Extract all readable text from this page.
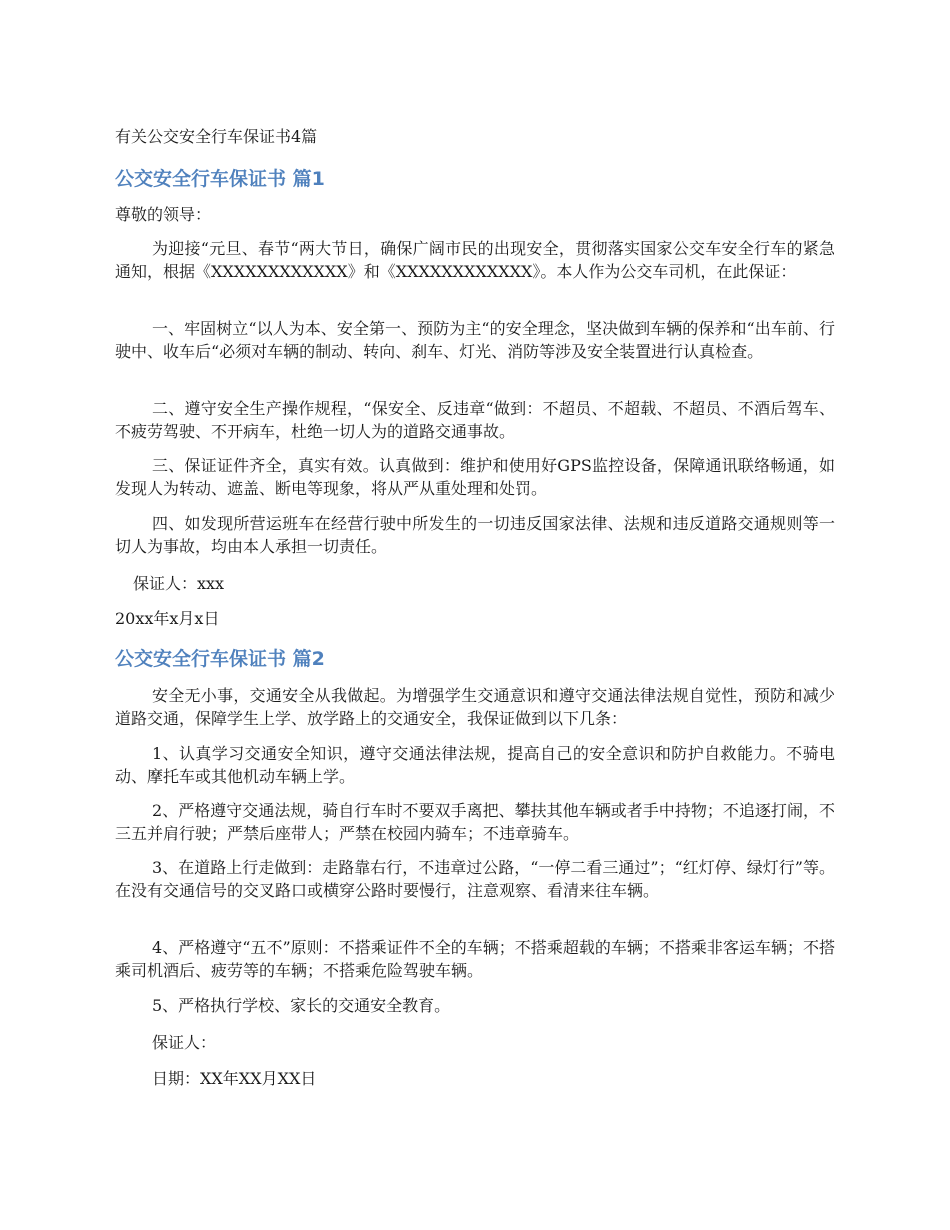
有关公交安全行车保证书4篇
公交安全行车保证书 篇1

尊敬的领导：

为迎接“元旦、春节“两大节日，确保广阔市民的出现安全，贯彻落实国家公交车安全行车的紧急通知，根据《XXXXXXXXXXXX》和《XXXXXXXXXXXX》。本人作为公交车司机，在此保证：

一、牢固树立“以人为本、安全第一、预防为主“的安全理念，坚决做到车辆的保养和“出车前、行驶中、收车后“必须对车辆的制动、转向、刹车、灯光、消防等涉及安全装置进行认真检查。

二、遵守安全生产操作规程，“保安全、反违章“做到：不超员、不超载、不超员、不酒后驾车、不疲劳驾驶、不开病车，杜绝一切人为的道路交通事故。

三、保证证件齐全，真实有效。认真做到：维护和使用好GPS监控设备，保障通讯联络畅通，如发现人为转动、遮盖、断电等现象，将从严从重处理和处罚。

四、如发现所营运班车在经营行驶中所发生的一切违反国家法律、法规和违反道路交通规则等一切人为事故，均由本人承担一切责任。

保证人：xxx

20xx年x月x日

公交安全行车保证书 篇2

安全无小事，交通安全从我做起。为增强学生交通意识和遵守交通法律法规自觉性，预防和减少道路交通，保障学生上学、放学路上的交通安全，我保证做到以下几条：

1、认真学习交通安全知识，遵守交通法律法规，提高自己的安全意识和防护自救能力。不骑电动、摩托车或其他机动车辆上学。

2、严格遵守交通法规，骑自行车时不要双手离把、攀扶其他车辆或者手中持物；不追逐打闹，不三五并肩行驶；严禁后座带人；严禁在校园内骑车；不违章骑车。

3、在道路上行走做到：走路靠右行，不违章过公路，“一停二看三通过”；“红灯停、绿灯行”等。在没有交通信号的交叉路口或横穿公路时要慢行，注意观察、看清来往车辆。

4、严格遵守“五不”原则：不搭乘证件不全的车辆；不搭乘超载的车辆；不搭乘非客运车辆；不搭乘司机酒后、疲劳等的车辆；不搭乘危险驾驶车辆。

5、严格执行学校、家长的交通安全教育。

保证人：

日期：XX年XX月XX日
